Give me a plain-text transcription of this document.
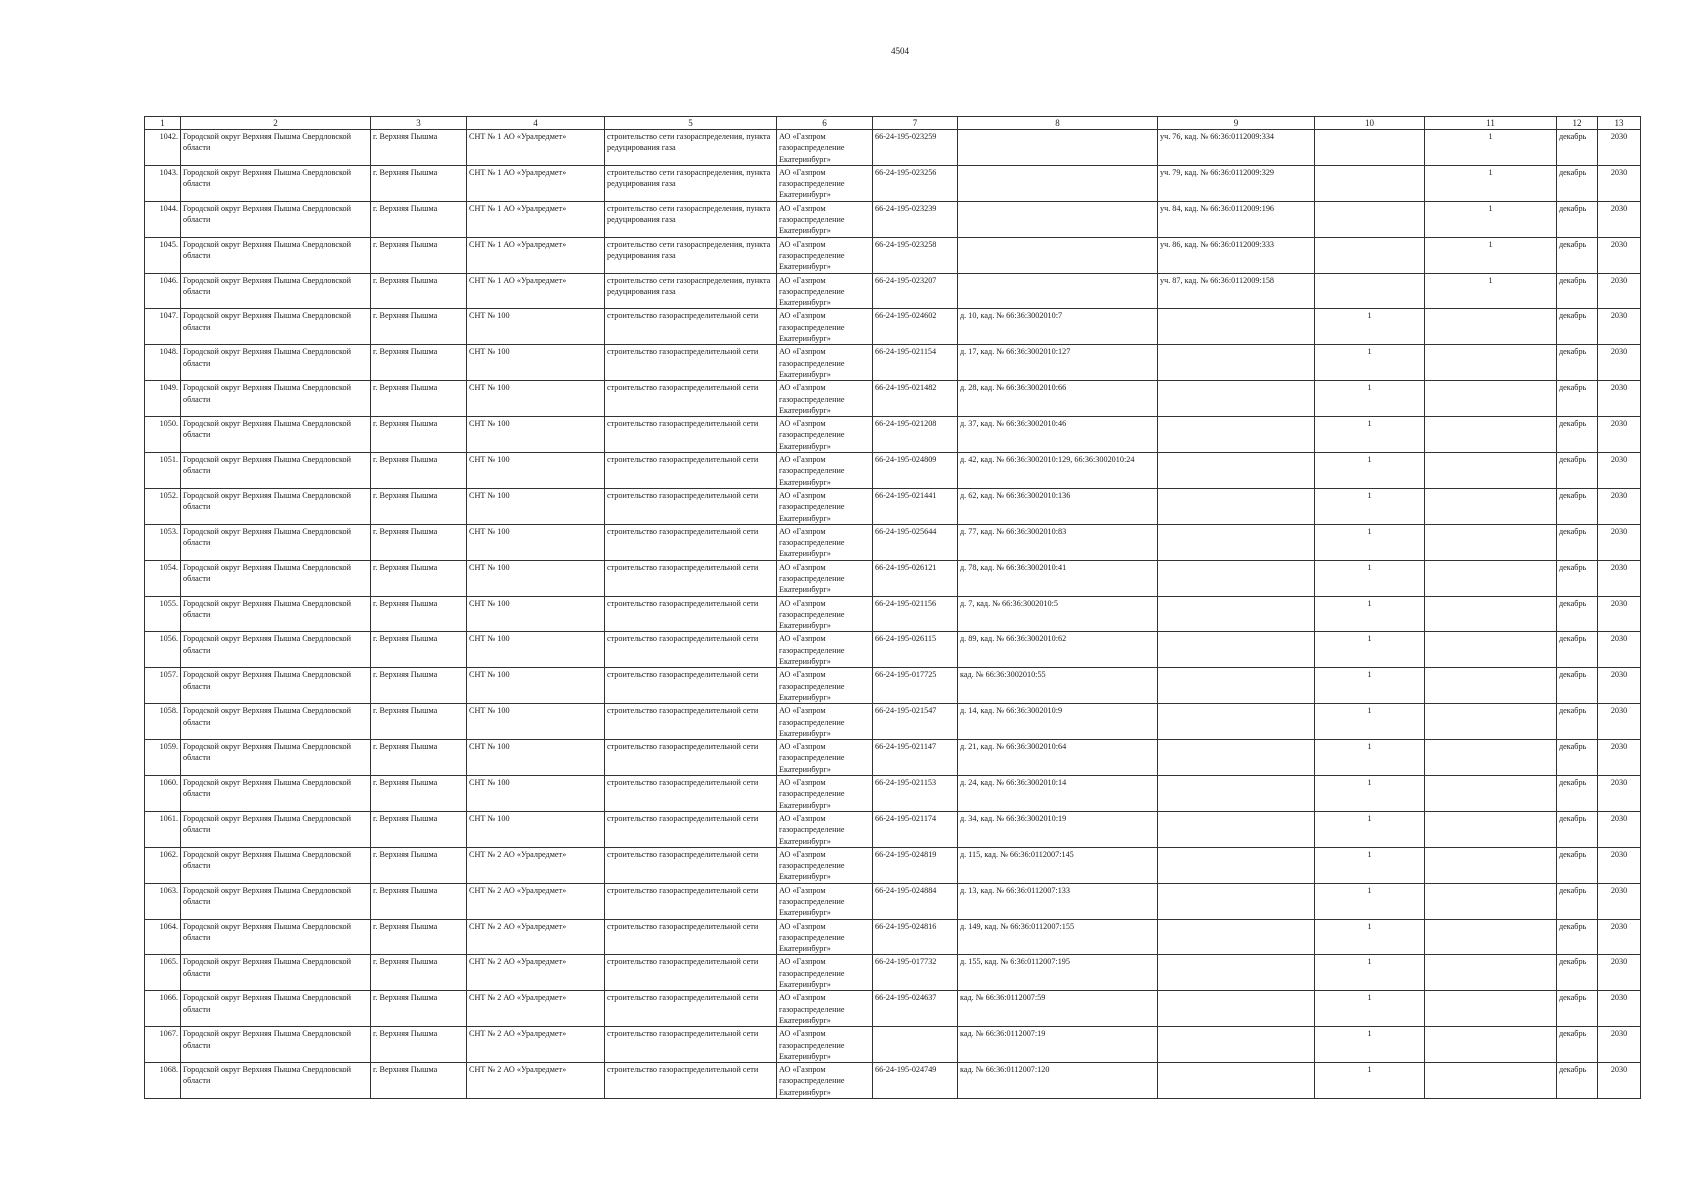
4504
1	2	3	4	5	6	7	8	9	10	11	12	13
1042.	Городской округ Верхняя Пышма Свердловской области	г. Верхняя Пышма	СНТ № 1 АО «Уралредмет»	строительство сети газораспределения, пункта редуцирования газа	АО «Газпром газораспределение Екатеринбург»	66-24-195-023259		уч. 76, кад. № 66:36:0112009:334		1	декабрь	2030
1043.	Городской округ Верхняя Пышма Свердловской области	г. Верхняя Пышма	СНТ № 1 АО «Уралредмет»	строительство сети газораспределения, пункта редуцирования газа	АО «Газпром газораспределение Екатеринбург»	66-24-195-023256		уч. 79, кад. № 66:36:0112009:329		1	декабрь	2030
1044.	Городской округ Верхняя Пышма Свердловской области	г. Верхняя Пышма	СНТ № 1 АО «Уралредмет»	строительство сети газораспределения, пункта редуцирования газа	АО «Газпром газораспределение Екатеринбург»	66-24-195-023239		уч. 84, кад. № 66:36:0112009:196		1	декабрь	2030
1045.	Городской округ Верхняя Пышма Свердловской области	г. Верхняя Пышма	СНТ № 1 АО «Уралредмет»	строительство сети газораспределения, пункта редуцирования газа	АО «Газпром газораспределение Екатеринбург»	66-24-195-023258		уч. 86, кад. № 66:36:0112009:333		1	декабрь	2030
1046.	Городской округ Верхняя Пышма Свердловской области	г. Верхняя Пышма	СНТ № 1 АО «Уралредмет»	строительство сети газораспределения, пункта редуцирования газа	АО «Газпром газораспределение Екатеринбург»	66-24-195-023207		уч. 87, кад. № 66:36:0112009:158		1	декабрь	2030
1047.	Городской округ Верхняя Пышма Свердловской области	г. Верхняя Пышма	СНТ № 100	строительство газораспределительной сети	АО «Газпром газораспределение Екатеринбург»	66-24-195-024602	д. 10, кад. № 66:36:3002010:7		1		декабрь	2030
1048.	Городской округ Верхняя Пышма Свердловской области	г. Верхняя Пышма	СНТ № 100	строительство газораспределительной сети	АО «Газпром газораспределение Екатеринбург»	66-24-195-021154	д. 17, кад. № 66:36:3002010:127		1		декабрь	2030
1049.	Городской округ Верхняя Пышма Свердловской области	г. Верхняя Пышма	СНТ № 100	строительство газораспределительной сети	АО «Газпром газораспределение Екатеринбург»	66-24-195-021482	д. 28, кад. № 66:36:3002010:66		1		декабрь	2030
1050.	Городской округ Верхняя Пышма Свердловской области	г. Верхняя Пышма	СНТ № 100	строительство газораспределительной сети	АО «Газпром газораспределение Екатеринбург»	66-24-195-021208	д. 37, кад. № 66:36:3002010:46		1		декабрь	2030
1051.	Городской округ Верхняя Пышма Свердловской области	г. Верхняя Пышма	СНТ № 100	строительство газораспределительной сети	АО «Газпром газораспределение Екатеринбург»	66-24-195-024809	д. 42, кад. № 66:36:3002010:129, 66:36:3002010:24		1		декабрь	2030
1052.	Городской округ Верхняя Пышма Свердловской области	г. Верхняя Пышма	СНТ № 100	строительство газораспределительной сети	АО «Газпром газораспределение Екатеринбург»	66-24-195-021441	д. 62, кад. № 66:36:3002010:136		1		декабрь	2030
1053.	Городской округ Верхняя Пышма Свердловской области	г. Верхняя Пышма	СНТ № 100	строительство газораспределительной сети	АО «Газпром газораспределение Екатеринбург»	66-24-195-025644	д. 77, кад. № 66:36:3002010:83		1		декабрь	2030
1054.	Городской округ Верхняя Пышма Свердловской области	г. Верхняя Пышма	СНТ № 100	строительство газораспределительной сети	АО «Газпром газораспределение Екатеринбург»	66-24-195-026121	д. 78, кад. № 66:36:3002010:41		1		декабрь	2030
1055.	Городской округ Верхняя Пышма Свердловской области	г. Верхняя Пышма	СНТ № 100	строительство газораспределительной сети	АО «Газпром газораспределение Екатеринбург»	66-24-195-021156	д. 7, кад. № 66:36:3002010:5		1		декабрь	2030
1056.	Городской округ Верхняя Пышма Свердловской области	г. Верхняя Пышма	СНТ № 100	строительство газораспределительной сети	АО «Газпром газораспределение Екатеринбург»	66-24-195-026115	д. 89, кад. № 66:36:3002010:62		1		декабрь	2030
1057.	Городской округ Верхняя Пышма Свердловской области	г. Верхняя Пышма	СНТ № 100	строительство газораспределительной сети	АО «Газпром газораспределение Екатеринбург»	66-24-195-017725	кад. № 66:36:3002010:55		1		декабрь	2030
1058.	Городской округ Верхняя Пышма Свердловской области	г. Верхняя Пышма	СНТ № 100	строительство газораспределительной сети	АО «Газпром газораспределение Екатеринбург»	66-24-195-021547	д. 14, кад. № 66:36:3002010:9		1		декабрь	2030
1059.	Городской округ Верхняя Пышма Свердловской области	г. Верхняя Пышма	СНТ № 100	строительство газораспределительной сети	АО «Газпром газораспределение Екатеринбург»	66-24-195-021147	д. 21, кад. № 66:36:3002010:64		1		декабрь	2030
1060.	Городской округ Верхняя Пышма Свердловской области	г. Верхняя Пышма	СНТ № 100	строительство газораспределительной сети	АО «Газпром газораспределение Екатеринбург»	66-24-195-021153	д. 24, кад. № 66:36:3002010:14		1		декабрь	2030
1061.	Городской округ Верхняя Пышма Свердловской области	г. Верхняя Пышма	СНТ № 100	строительство газораспределительной сети	АО «Газпром газораспределение Екатеринбург»	66-24-195-021174	д. 34, кад. № 66:36:3002010:19		1		декабрь	2030
1062.	Городской округ Верхняя Пышма Свердловской области	г. Верхняя Пышма	СНТ № 2 АО «Уралредмет»	строительство газораспределительной сети	АО «Газпром газораспределение Екатеринбург»	66-24-195-024819	д. 115, кад. № 66:36:0112007:145		1		декабрь	2030
1063.	Городской округ Верхняя Пышма Свердловской области	г. Верхняя Пышма	СНТ № 2 АО «Уралредмет»	строительство газораспределительной сети	АО «Газпром газораспределение Екатеринбург»	66-24-195-024884	д. 13, кад. № 66:36:0112007:133		1		декабрь	2030
1064.	Городской округ Верхняя Пышма Свердловской области	г. Верхняя Пышма	СНТ № 2 АО «Уралредмет»	строительство газораспределительной сети	АО «Газпром газораспределение Екатеринбург»	66-24-195-024816	д. 149, кад. № 66:36:0112007:155		1		декабрь	2030
1065.	Городской округ Верхняя Пышма Свердловской области	г. Верхняя Пышма	СНТ № 2 АО «Уралредмет»	строительство газораспределительной сети	АО «Газпром газораспределение Екатеринбург»	66-24-195-017732	д. 155, кад. № 6:36:0112007:195		1		декабрь	2030
1066.	Городской округ Верхняя Пышма Свердловской области	г. Верхняя Пышма	СНТ № 2 АО «Уралредмет»	строительство газораспределительной сети	АО «Газпром газораспределение Екатеринбург»	66-24-195-024637	кад. № 66:36:0112007:59		1		декабрь	2030
1067.	Городской округ Верхняя Пышма Свердловской области	г. Верхняя Пышма	СНТ № 2 АО «Уралредмет»	строительство газораспределительной сети	АО «Газпром газораспределение Екатеринбург»		кад. № 66:36:0112007:19		1		декабрь	2030
1068.	Городской округ Верхняя Пышма Свердловской области	г. Верхняя Пышма	СНТ № 2 АО «Уралредмет»	строительство газораспределительной сети	АО «Газпром газораспределение Екатеринбург»	66-24-195-024749	кад. № 66:36:0112007:120		1		декабрь	2030
